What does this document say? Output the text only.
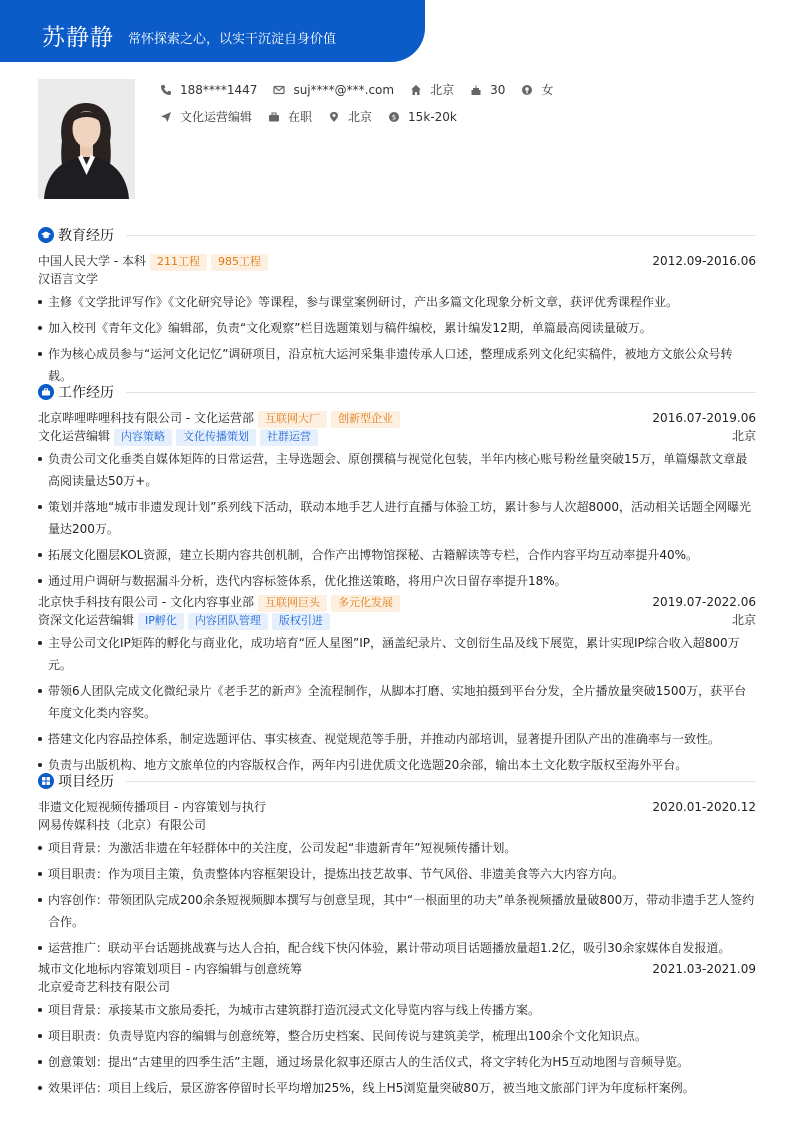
苏静静 常怀探索之心，以实干沉淀自身价值
188****1447	suj****@***.com	北京	30	女
文化运营编辑	在职	北京	$ 15k-20k
教育经历
中国人民大学 - 本科	211工程 985工程	2012.09-2016.06
汉语言文学
主修《文学批评写作》《文化研究导论》等课程，参与课堂案例研讨，产出多篇文化现象分析文章，获评优秀课程作业。
加入校刊《青年文化》编辑部，负责“文化观察”栏目选题策划与稿件编校，累计编发12期，单篇最高阅读量破万。
作为核心成员参与“运河文化记忆”调研项目，沿京杭大运河采集非遗传承人口述，整理成系列文化纪实稿件，被地方文旅公众号转载。
工作经历
北京哔哩哔哩科技有限公司 - 文化运营部	互联网大厂 创新型企业	2016.07-2019.06
文化运营编辑	内容策略 文化传播策划 社群运营	北京
负责公司文化垂类自媒体矩阵的日常运营，主导选题会、原创撰稿与视觉化包装，半年内核心账号粉丝量突破15万，单篇爆款文章最高阅读量达50万+。
策划并落地“城市非遗发现计划”系列线下活动，联动本地手艺人进行直播与体验工坊，累计参与人次超8000，活动相关话题全网曝光量达200万。
拓展文化圈层KOL资源，建立长期内容共创机制，合作产出博物馆探秘、古籍解读等专栏，合作内容平均互动率提升40%。
通过用户调研与数据漏斗分析，迭代内容标签体系，优化推送策略，将用户次日留存率提升18%。
北京快手科技有限公司 - 文化内容事业部	互联网巨头 多元化发展	2019.07-2022.06
资深文化运营编辑	IP孵化 内容团队管理 版权引进	北京
主导公司文化IP矩阵的孵化与商业化，成功培育“匠人星图”IP，涵盖纪录片、文创衍生品及线下展览，累计实现IP综合收入超800万元。
带领6人团队完成文化微纪录片《老手艺的新声》全流程制作，从脚本打磨、实地拍摄到平台分发，全片播放量突破1500万，获平台年度文化类内容奖。
搭建文化内容品控体系，制定选题评估、事实核查、视觉规范等手册，并推动内部培训，显著提升团队产出的准确率与一致性。
负责与出版机构、地方文旅单位的内容版权合作，两年内引进优质文化选题20余部，输出本土文化数字版权至海外平台。
项目经历
非遗文化短视频传播项目 - 内容策划与执行	2020.01-2020.12
网易传媒科技（北京）有限公司
项目背景：为激活非遗在年轻群体中的关注度，公司发起“非遗新青年”短视频传播计划。
项目职责：作为项目主策，负责整体内容框架设计，提炼出技艺故事、节气风俗、非遗美食等六大内容方向。
内容创作：带领团队完成200余条短视频脚本撰写与创意呈现，其中“一根面里的功夫”单条视频播放量破800万，带动非遗手艺人签约合作。
运营推广：联动平台话题挑战赛与达人合拍，配合线下快闪体验，累计带动项目话题播放量超1.2亿，吸引30余家媒体自发报道。
城市文化地标内容策划项目 - 内容编辑与创意统筹	2021.03-2021.09
北京爱奇艺科技有限公司
项目背景：承接某市文旅局委托，为城市古建筑群打造沉浸式文化导览内容与线上传播方案。
项目职责：负责导览内容的编辑与创意统筹，整合历史档案、民间传说与建筑美学，梳理出100余个文化知识点。
创意策划：提出“古建里的四季生活”主题，通过场景化叙事还原古人的生活仪式，将文字转化为H5互动地图与音频导览。
效果评估：项目上线后，景区游客停留时长平均增加25%，线上H5浏览量突破80万，被当地文旅部门评为年度标杆案例。
